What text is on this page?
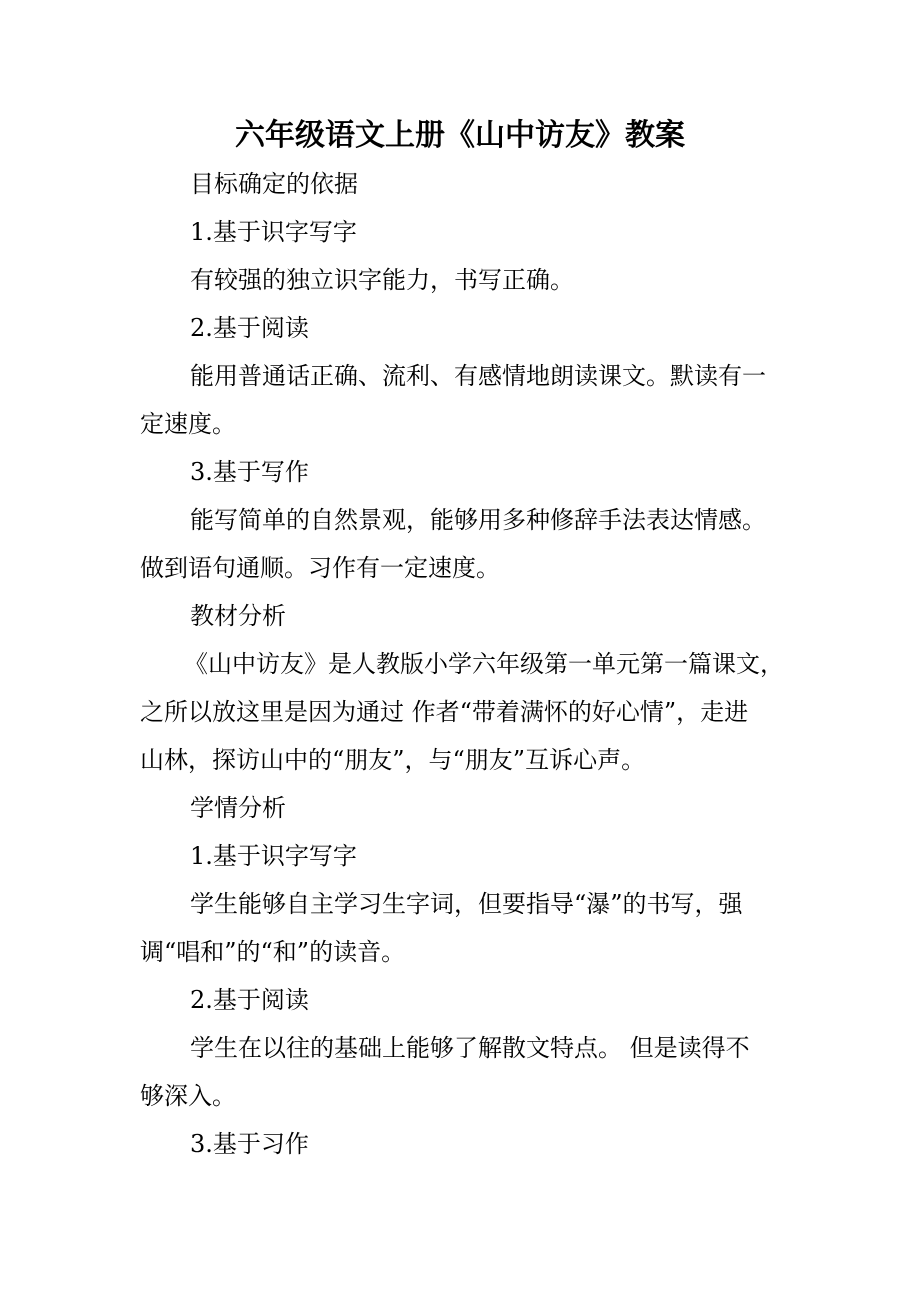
六年级语文上册《山中访友》教案

目标确定的依据

1.基于识字写字

有较强的独立识字能力，书写正确。

2.基于阅读

能用普通话正确、流利、有感情地朗读课文。默读有一

定速度。

3.基于写作

能写简单的自然景观，能够用多种修辞手法表达情感。

做到语句通顺。习作有一定速度。

教材分析

《山中访友》是人教版小学六年级第一单元第一篇课文，

之所以放这里是因为通过 作者“带着满怀的好心情”，走进

山林，探访山中的“朋友”，与“朋友”互诉心声。

学情分析

1.基于识字写字

学生能够自主学习生字词，但要指导“瀑”的书写，强

调“唱和”的“和”的读音。

2.基于阅读

学生在以往的基础上能够了解散文特点。 但是读得不

够深入。

3.基于习作
